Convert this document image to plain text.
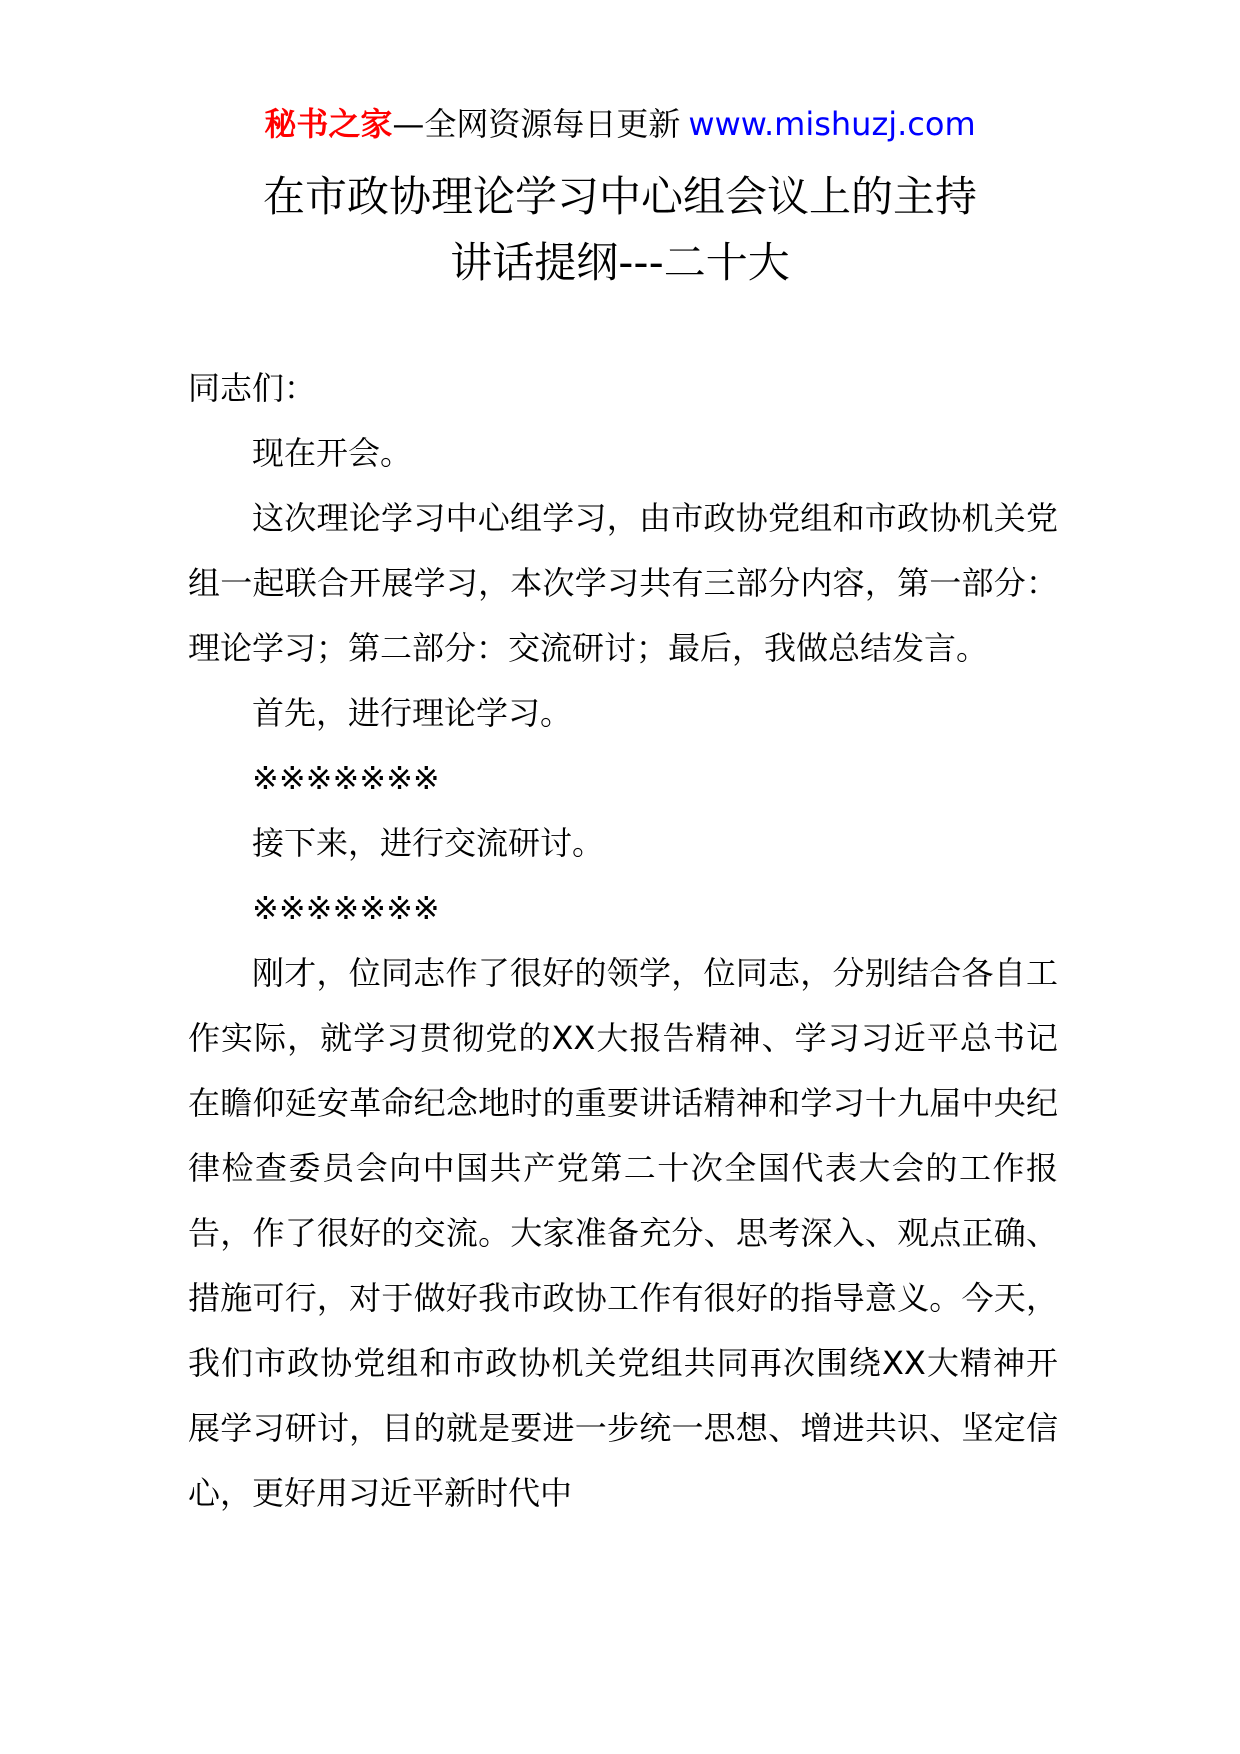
秘书之家—全网资源每日更新 www.mishuzj.com
在市政协理论学习中心组会议上的主持
讲话提纲---二十大

同志们：

现在开会。

这次理论学习中心组学习，由市政协党组和市政协机关党组一起联合开展学习，本次学习共有三部分内容，第一部分：理论学习；第二部分：交流研讨；最后，我做总结发言。

首先，进行理论学习。

※※※※※※※

接下来，进行交流研讨。

※※※※※※※

刚才，位同志作了很好的领学，位同志，分别结合各自工作实际，就学习贯彻党的XX大报告精神、学习习近平总书记在瞻仰延安革命纪念地时的重要讲话精神和学习十九届中央纪律检查委员会向中国共产党第二十次全国代表大会的工作报告，作了很好的交流。大家准备充分、思考深入、观点正确、措施可行，对于做好我市政协工作有很好的指导意义。今天，我们市政协党组和市政协机关党组共同再次围绕XX大精神开展学习研讨，目的就是要进一步统一思想、增进共识、坚定信心，更好用习近平新时代中
